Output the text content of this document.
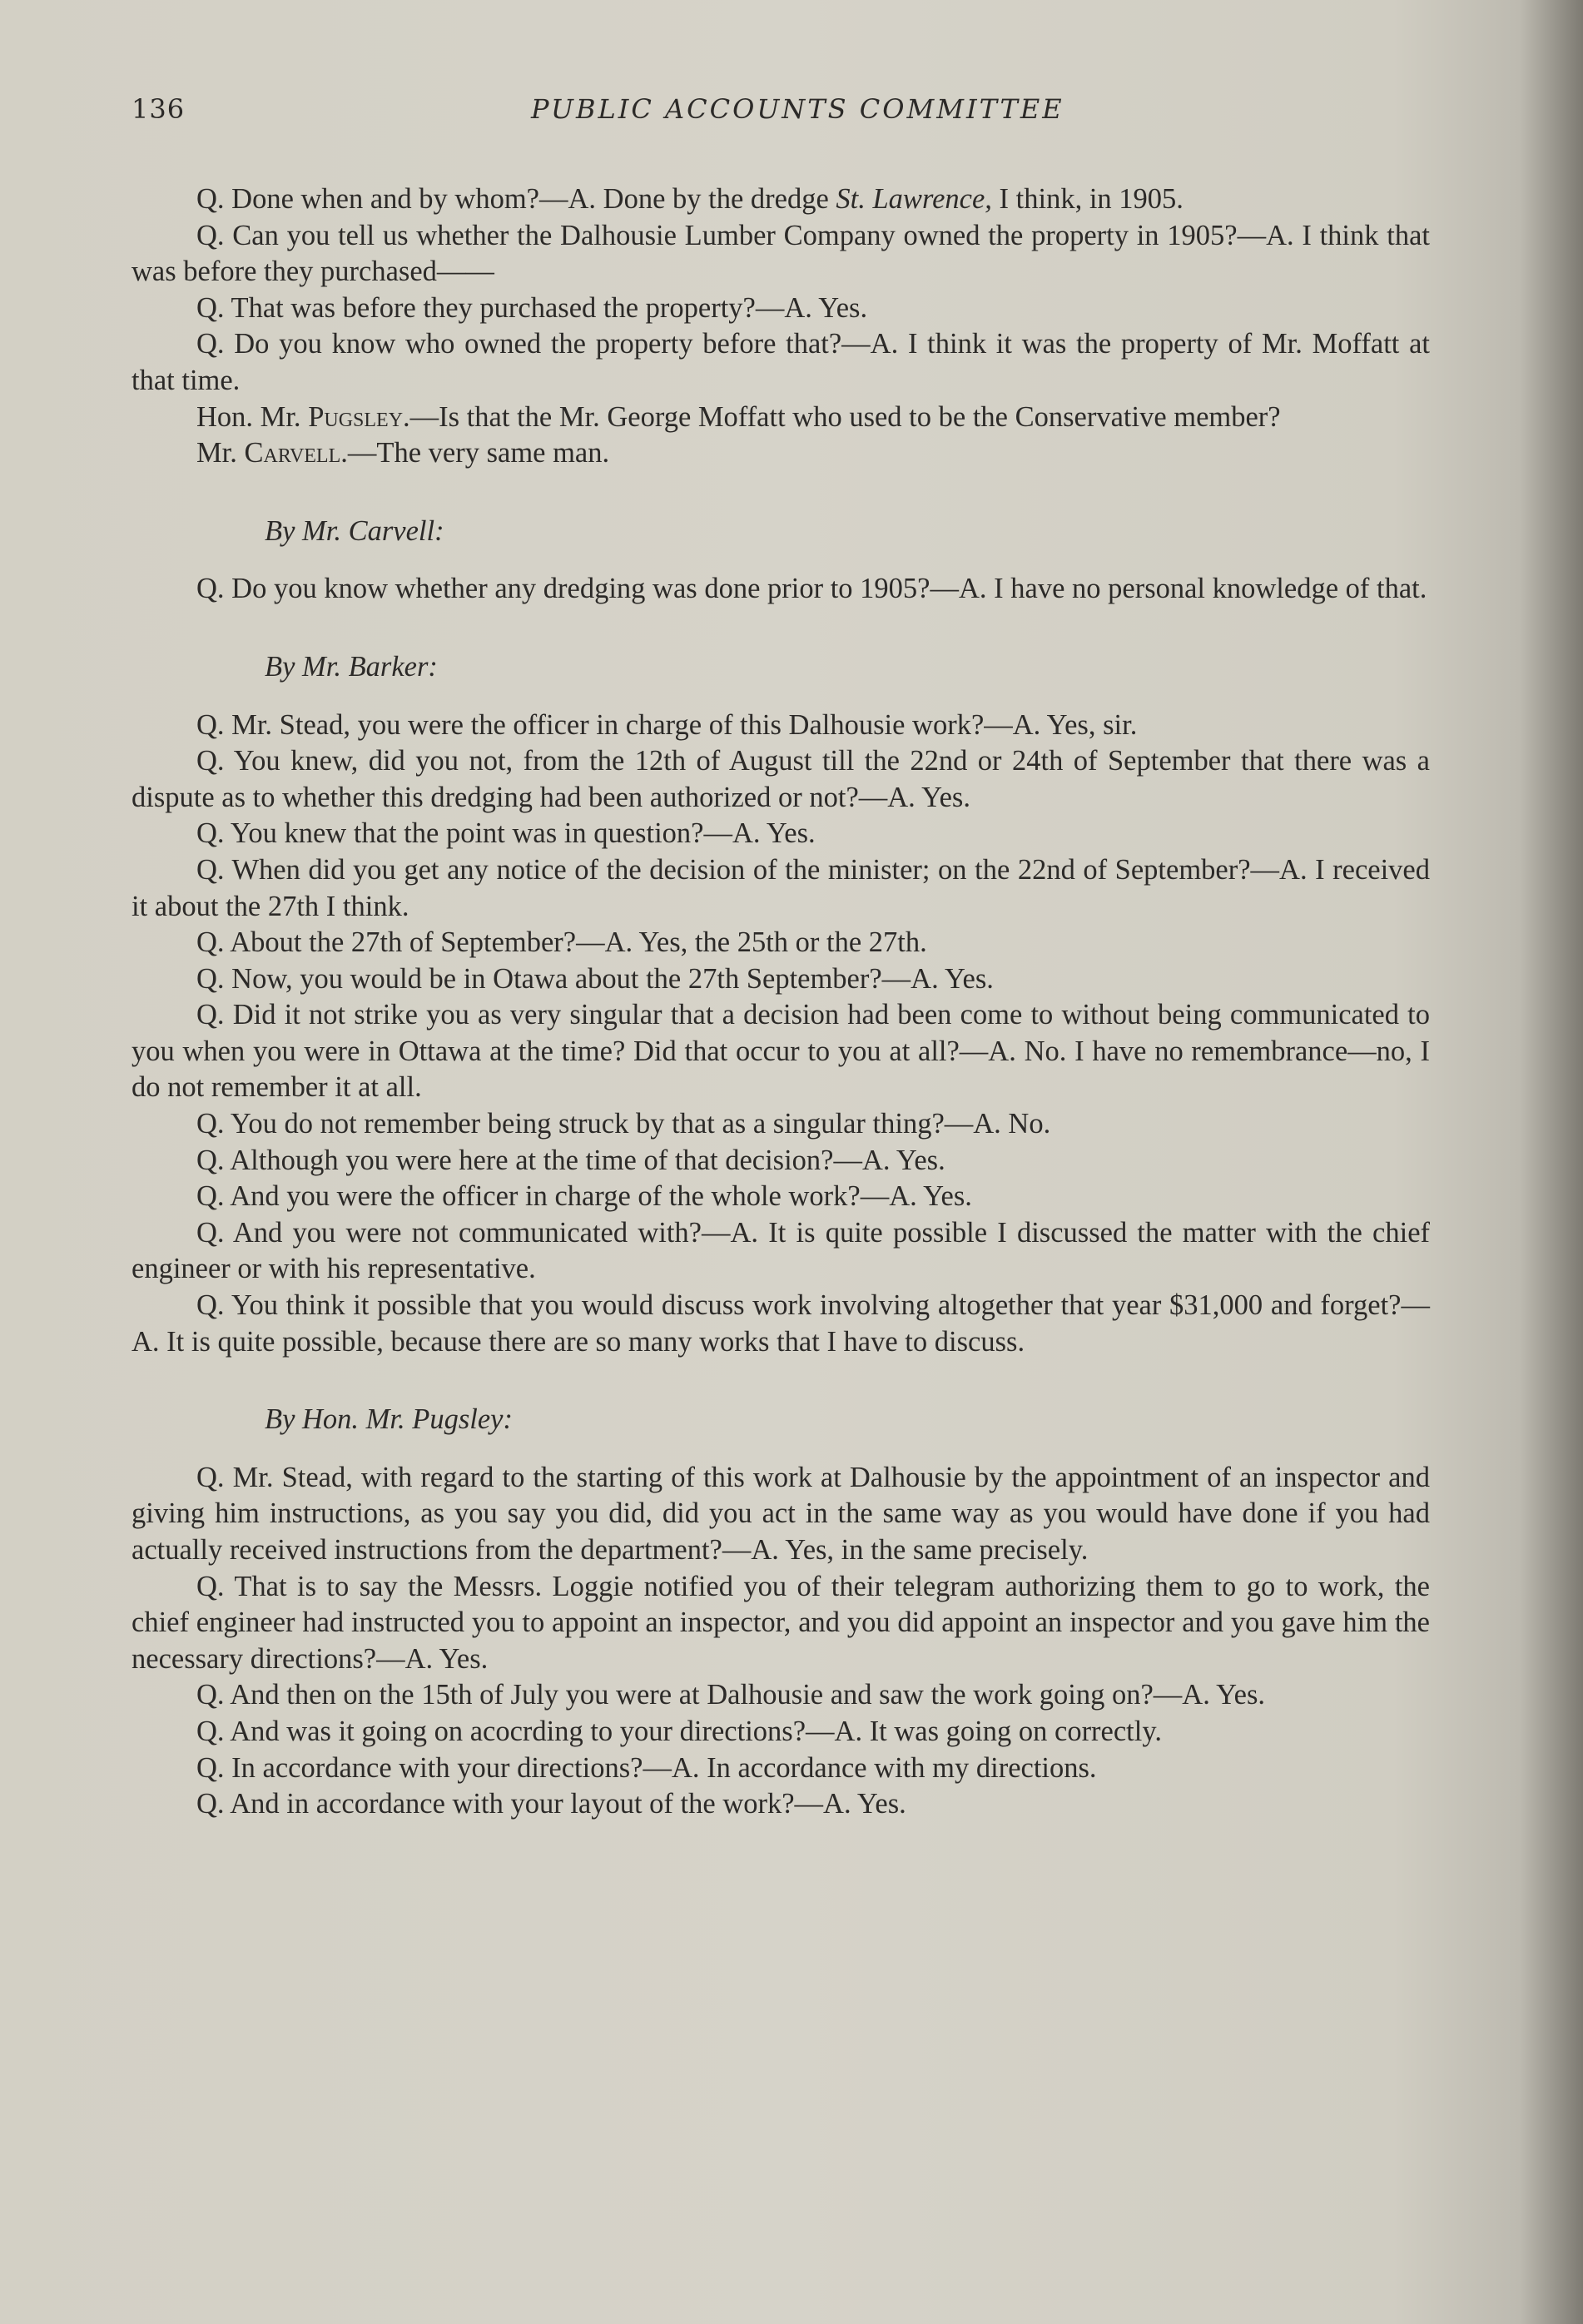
136	PUBLIC ACCOUNTS COMMITTEE

Q. Done when and by whom?—A. Done by the dredge St. Lawrence, I think, in 1905.

Q. Can you tell us whether the Dalhousie Lumber Company owned the property in 1905?—A. I think that was before they purchased——

Q. That was before they purchased the property?—A. Yes.

Q. Do you know who owned the property before that?—A. I think it was the property of Mr. Moffatt at that time.

Hon. Mr. Pugsley.—Is that the Mr. George Moffatt who used to be the Conservative member?

Mr. Carvell.—The very same man.

By Mr. Carvell:

Q. Do you know whether any dredging was done prior to 1905?—A. I have no personal knowledge of that.

By Mr. Barker:

Q. Mr. Stead, you were the officer in charge of this Dalhousie work?—A. Yes, sir.

Q. You knew, did you not, from the 12th of August till the 22nd or 24th of September that there was a dispute as to whether this dredging had been authorized or not?—A. Yes.

Q. You knew that the point was in question?—A. Yes.

Q. When did you get any notice of the decision of the minister; on the 22nd of September?—A. I received it about the 27th I think.

Q. About the 27th of September?—A. Yes, the 25th or the 27th.

Q. Now, you would be in Otawa about the 27th September?—A. Yes.

Q. Did it not strike you as very singular that a decision had been come to without being communicated to you when you were in Ottawa at the time? Did that occur to you at all?—A. No. I have no remembrance—no, I do not remember it at all.

Q. You do not remember being struck by that as a singular thing?—A. No.

Q. Although you were here at the time of that decision?—A. Yes.

Q. And you were the officer in charge of the whole work?—A. Yes.

Q. And you were not communicated with?—A. It is quite possible I discussed the matter with the chief engineer or with his representative.

Q. You think it possible that you would discuss work involving altogether that year $31,000 and forget?—A. It is quite possible, because there are so many works that I have to discuss.

By Hon. Mr. Pugsley:

Q. Mr. Stead, with regard to the starting of this work at Dalhousie by the appointment of an inspector and giving him instructions, as you say you did, did you act in the same way as you would have done if you had actually received instructions from the department?—A. Yes, in the same precisely.

Q. That is to say the Messrs. Loggie notified you of their telegram authorizing them to go to work, the chief engineer had instructed you to appoint an inspector, and you did appoint an inspector and you gave him the necessary directions?—A. Yes.

Q. And then on the 15th of July you were at Dalhousie and saw the work going on?—A. Yes.

Q. And was it going on acocrding to your directions?—A. It was going on correctly.

Q. In accordance with your directions?—A. In accordance with my directions.

Q. And in accordance with your layout of the work?—A. Yes.
